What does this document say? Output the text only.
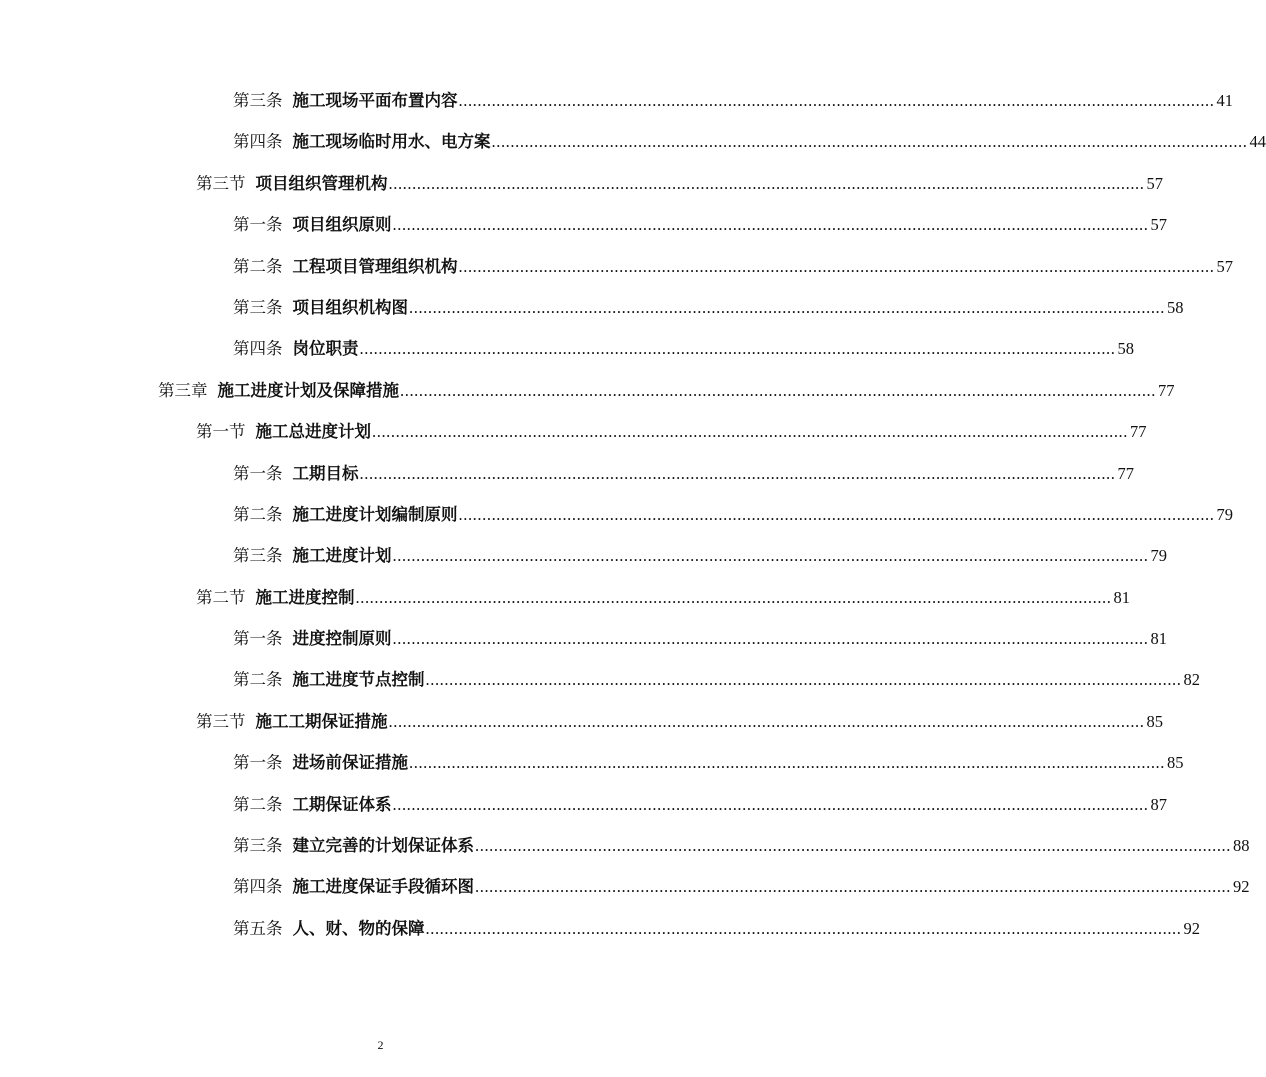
第三条 施工现场平面布置内容 ................................................................................................................................................................ 41
第四条 施工现场临时用水、电方案 ................................................................................................................................................................ 44
第三节 项目组织管理机构 ................................................................................................................................................................ 57
第一条 项目组织原则 ................................................................................................................................................................ 57
第二条 工程项目管理组织机构 ................................................................................................................................................................ 57
第三条 项目组织机构图 ................................................................................................................................................................ 58
第四条 岗位职责 ................................................................................................................................................................ 58
第三章 施工进度计划及保障措施 ................................................................................................................................................................ 77
第一节 施工总进度计划 ................................................................................................................................................................ 77
第一条 工期目标 ................................................................................................................................................................ 77
第二条 施工进度计划编制原则 ................................................................................................................................................................ 79
第三条 施工进度计划 ................................................................................................................................................................ 79
第二节 施工进度控制 ................................................................................................................................................................ 81
第一条 进度控制原则 ................................................................................................................................................................ 81
第二条 施工进度节点控制 ................................................................................................................................................................ 82
第三节 施工工期保证措施 ................................................................................................................................................................ 85
第一条 进场前保证措施 ................................................................................................................................................................ 85
第二条 工期保证体系 ................................................................................................................................................................ 87
第三条 建立完善的计划保证体系 ................................................................................................................................................................ 88
第四条 施工进度保证手段循环图 ................................................................................................................................................................ 92
第五条 人、财、物的保障 ................................................................................................................................................................ 92
2
